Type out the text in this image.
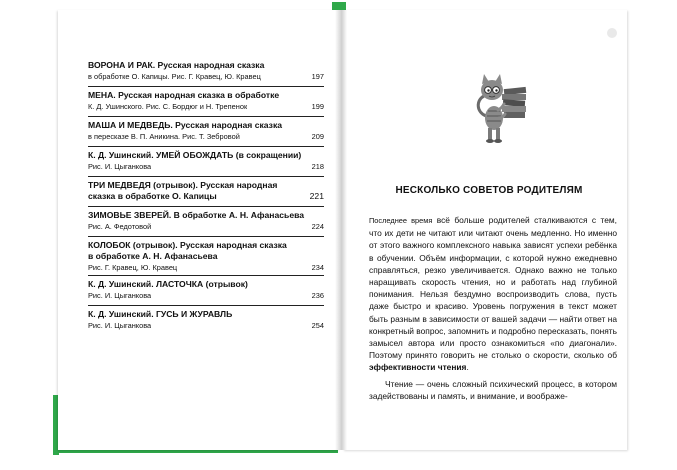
ВОРОНА И РАК. Русская народная сказка
в обработке О. Капицы. Рис. Г. Кравец, Ю. Кравец	197
МЕНА. Русская народная сказка в обработке
К. Д. Ушинского. Рис. С. Бордюг и Н. Трепенок	199
МАША И МЕДВЕДЬ. Русская народная сказка
в пересказе В. П. Аникина. Рис. Т. Зебровой	209
К. Д. Ушинский. УМЕЙ ОБОЖДАТЬ (в сокращении)
Рис. И. Цыганкова	218
ТРИ МЕДВЕДЯ (отрывок). Русская народная
сказка в обработке О. Капицы	221
ЗИМОВЬЕ ЗВЕРЕЙ. В обработке А. Н. Афанасьева
Рис. А. Федотовой	224
КОЛОБОК (отрывок). Русская народная сказка
в обработке А. Н. Афанасьева
Рис. Г. Кравец, Ю. Кравец	234
К. Д. Ушинский. ЛАСТОЧКА (отрывок)
Рис. И. Цыганкова	236
К. Д. Ушинский. ГУСЬ И ЖУРАВЛЬ
Рис. И. Цыганкова	254
НЕСКОЛЬКО СОВЕТОВ РОДИТЕЛЯМ

Последнее время всё больше родителей сталкиваются с тем, что их дети не читают или читают очень медленно. Но именно от этого важного комплексного навыка зависят успехи ребёнка в обучении. Объём информации, с которой нужно ежедневно справляться, резко увеличивается. Однако важно не только наращивать скорость чтения, но и работать над глубиной понимания. Нельзя бездумно воспроизводить слова, пусть даже быстро и красиво. Уровень погружения в текст может быть разным в зависимости от вашей задачи — найти ответ на конкретный вопрос, запомнить и подробно пересказать, понять замысел автора или просто ознакомиться «по диагонали». Поэтому принято говорить не столько о скорости, сколько об эффективности чтения.

Чтение — очень сложный психический процесс, в котором задействованы и память, и внимание, и воображе-
